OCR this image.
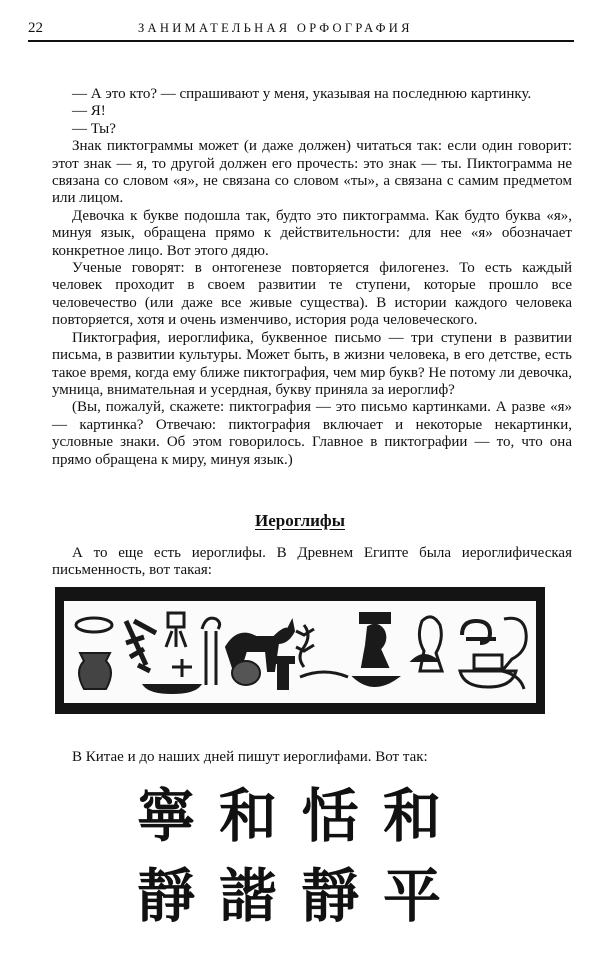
22	ЗАНИМАТЕЛЬНАЯ ОРФОГРАФИЯ

— А это кто? — спрашивают у меня, указывая на последнюю картинку.

— Я!

— Ты?

Знак пиктограммы может (и даже должен) читаться так: если один говорит: этот знак — я, то другой должен его прочесть: это знак — ты. Пиктограмма не связана со словом «я», не связана со словом «ты», а связана с самим предметом или лицом.

Девочка к букве подошла так, будто это пиктограмма. Как будто буква «я», минуя язык, обращена прямо к действительности: для нее «я» обозначает конкретное лицо. Вот этого дядю.

Ученые говорят: в онтогенезе повторяется филогенез. То есть каждый человек проходит в своем развитии те ступени, которые прошло все человечество (или даже все живые существа). В истории каждого человека повторяется, хотя и очень изменчиво, история рода человеческого.

Пиктография, иероглифика, буквенное письмо — три ступени в развитии письма, в развитии культуры. Может быть, в жизни человека, в его детстве, есть такое время, когда ему ближе пиктография, чем мир букв? Не потому ли девочка, умница, внимательная и усердная, букву приняла за иероглиф?

(Вы, пожалуй, скажете: пиктография — это письмо картинками. А разве «я» — картинка? Отвечаю: пиктография включает и некоторые некартинки, условные знаки. Об этом говорилось. Главное в пиктографии — то, что она прямо обращена к миру, минуя язык.)

Иероглифы

А то еще есть иероглифы. В Древнем Египте была иероглифическая письменность, вот такая:

В Китае и до наших дней пишут иероглифами. Вот так:

寧 和 恬 和
靜 諧 靜 平
